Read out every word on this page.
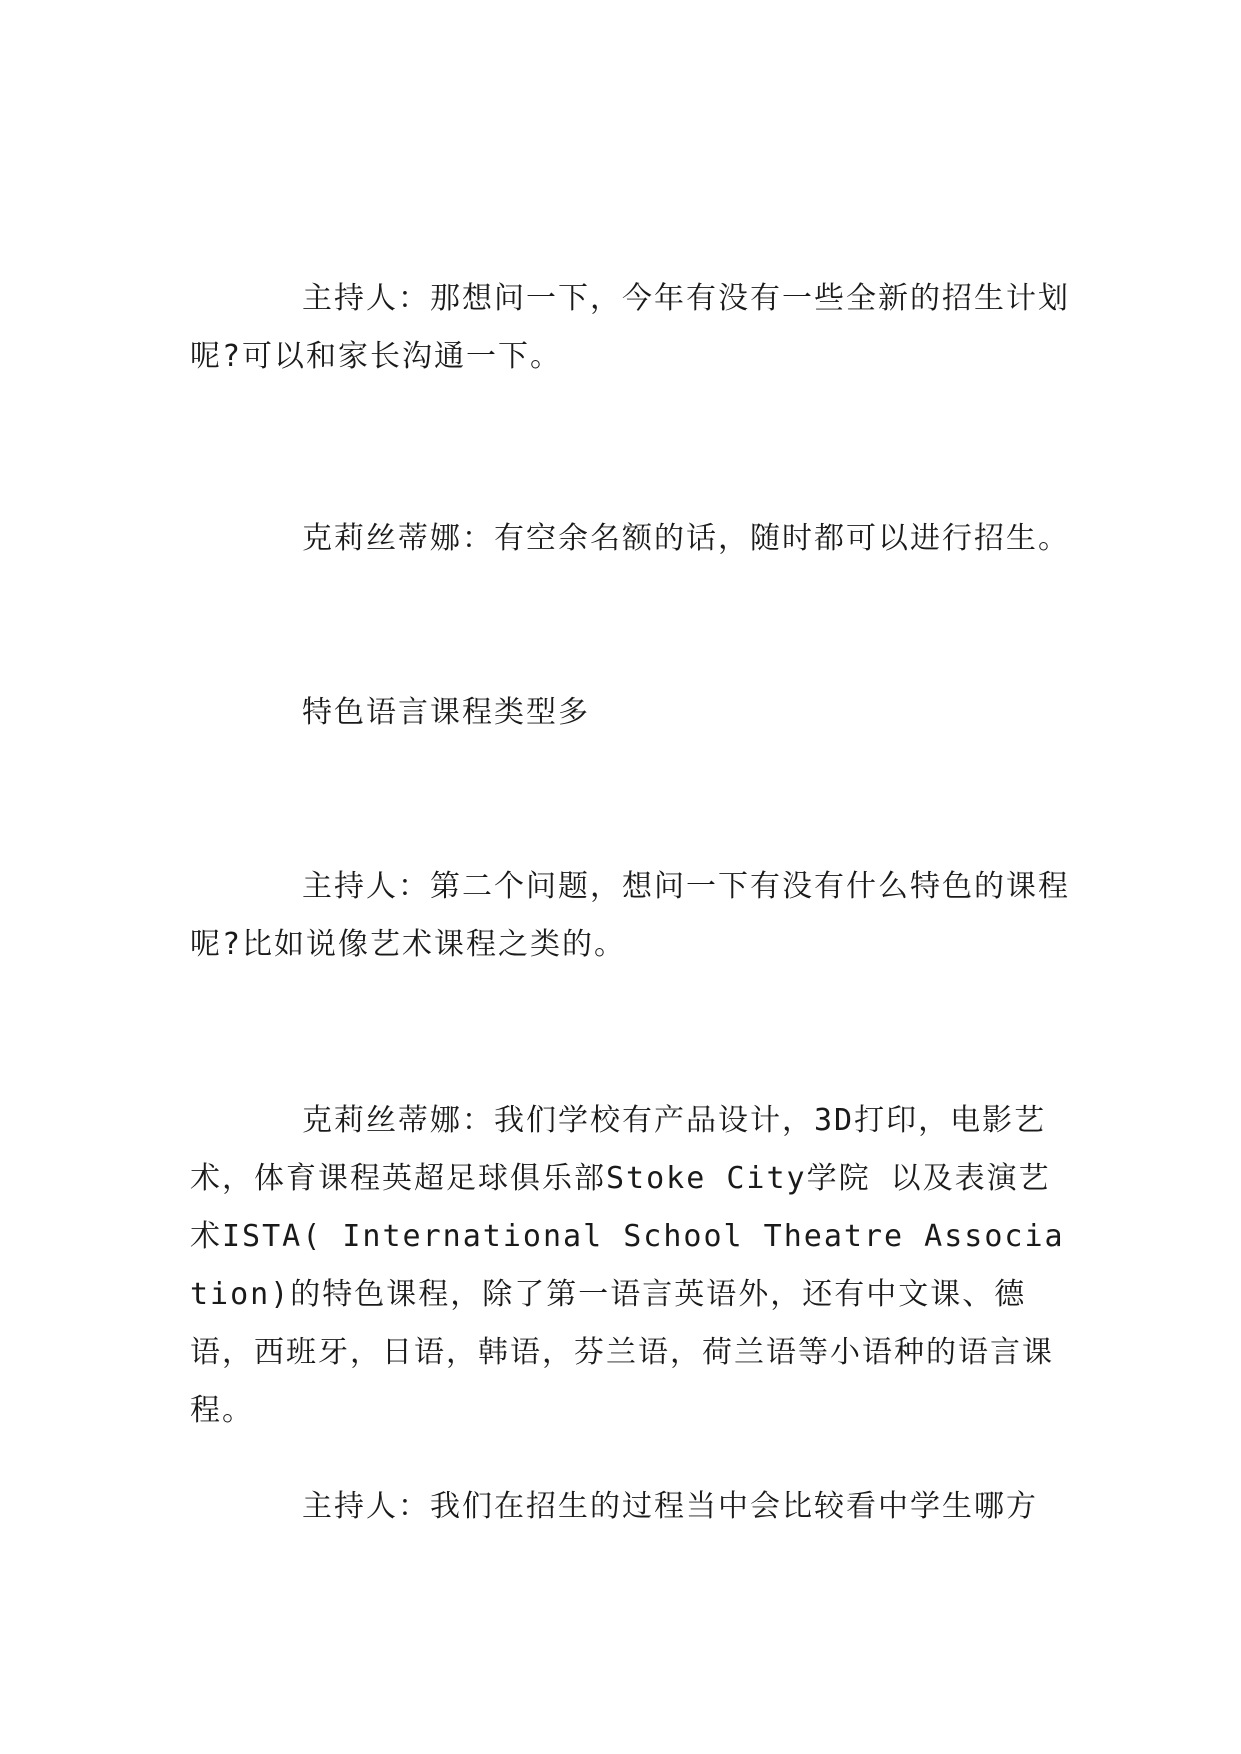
主持人：那想问一下，今年有没有一些全新的招生计划呢?可以和家长沟通一下。

克莉丝蒂娜：有空余名额的话，随时都可以进行招生。

特色语言课程类型多

主持人：第二个问题，想问一下有没有什么特色的课程呢?比如说像艺术课程之类的。

克莉丝蒂娜：我们学校有产品设计，3D打印，电影艺术，体育课程英超足球俱乐部Stoke City学院 以及表演艺术ISTA( International School Theatre Association)的特色课程，除了第一语言英语外，还有中文课、德语，西班牙，日语，韩语，芬兰语，荷兰语等小语种的语言课程。

主持人：我们在招生的过程当中会比较看中学生哪方
